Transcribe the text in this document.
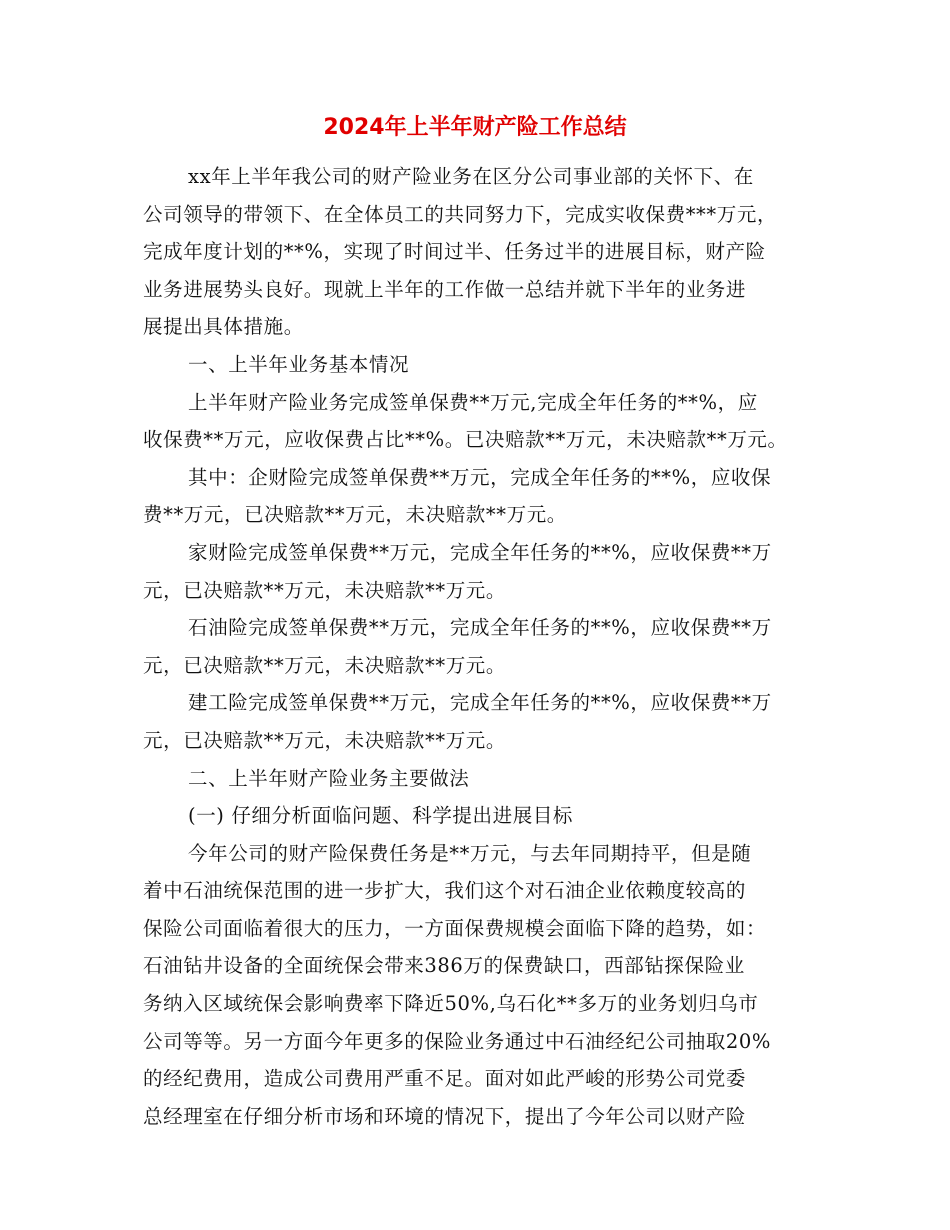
2024年上半年财产险工作总结
xx年上半年我公司的财产险业务在区分公司事业部的关怀下、在
公司领导的带领下、在全体员工的共同努力下，完成实收保费***万元，
完成年度计划的**%，实现了时间过半、任务过半的进展目标，财产险
业务进展势头良好。现就上半年的工作做一总结并就下半年的业务进
展提出具体措施。
一、上半年业务基本情况
上半年财产险业务完成签单保费**万元,完成全年任务的**%，应
收保费**万元，应收保费占比**%。已决赔款**万元，未决赔款**万元。
其中：企财险完成签单保费**万元，完成全年任务的**%，应收保
费**万元，已决赔款**万元，未决赔款**万元。
家财险完成签单保费**万元，完成全年任务的**%，应收保费**万
元，已决赔款**万元，未决赔款**万元。
石油险完成签单保费**万元，完成全年任务的**%，应收保费**万
元，已决赔款**万元，未决赔款**万元。
建工险完成签单保费**万元，完成全年任务的**%，应收保费**万
元，已决赔款**万元，未决赔款**万元。
二、上半年财产险业务主要做法
(一) 仔细分析面临问题、科学提出进展目标
今年公司的财产险保费任务是**万元，与去年同期持平，但是随
着中石油统保范围的进一步扩大，我们这个对石油企业依赖度较高的
保险公司面临着很大的压力，一方面保费规模会面临下降的趋势，如：
石油钻井设备的全面统保会带来386万的保费缺口，西部钻探保险业
务纳入区域统保会影响费率下降近50%,乌石化**多万的业务划归乌市
公司等等。另一方面今年更多的保险业务通过中石油经纪公司抽取20%
的经纪费用，造成公司费用严重不足。面对如此严峻的形势公司党委
总经理室在仔细分析市场和环境的情况下，提出了今年公司以财产险
